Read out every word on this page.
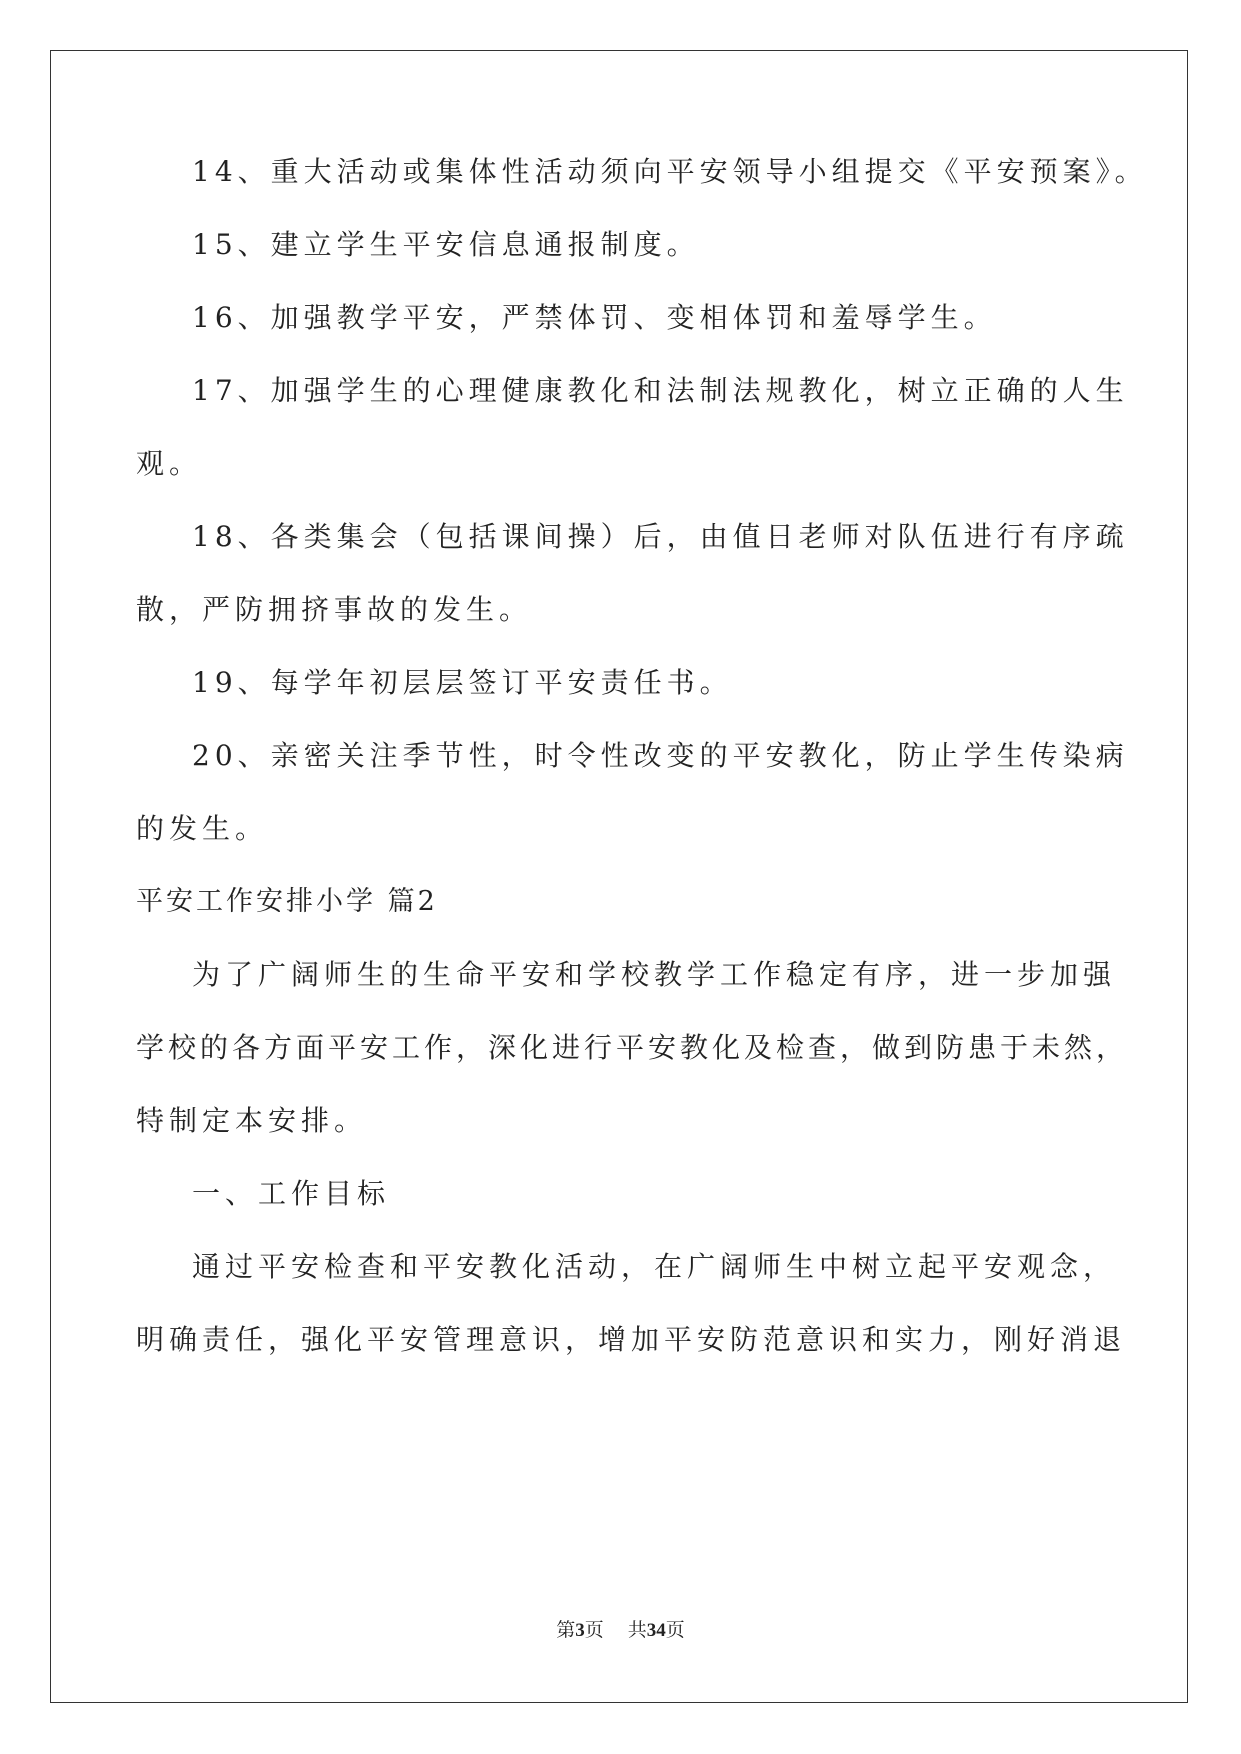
14、重大活动或集体性活动须向平安领导小组提交《平安预案》。
15、建立学生平安信息通报制度。
16、加强教学平安，严禁体罚、变相体罚和羞辱学生。
17、加强学生的心理健康教化和法制法规教化，树立正确的人生
观。
18、各类集会（包括课间操）后，由值日老师对队伍进行有序疏
散，严防拥挤事故的发生。
19、每学年初层层签订平安责任书。
20、亲密关注季节性，时令性改变的平安教化，防止学生传染病
的发生。
平安工作安排小学 篇2
为了广阔师生的生命平安和学校教学工作稳定有序，进一步加强
学校的各方面平安工作，深化进行平安教化及检查，做到防患于未然，
特制定本安排。
一、工作目标
通过平安检查和平安教化活动，在广阔师生中树立起平安观念，
明确责任，强化平安管理意识，增加平安防范意识和实力，刚好消退
第3页 共34页
